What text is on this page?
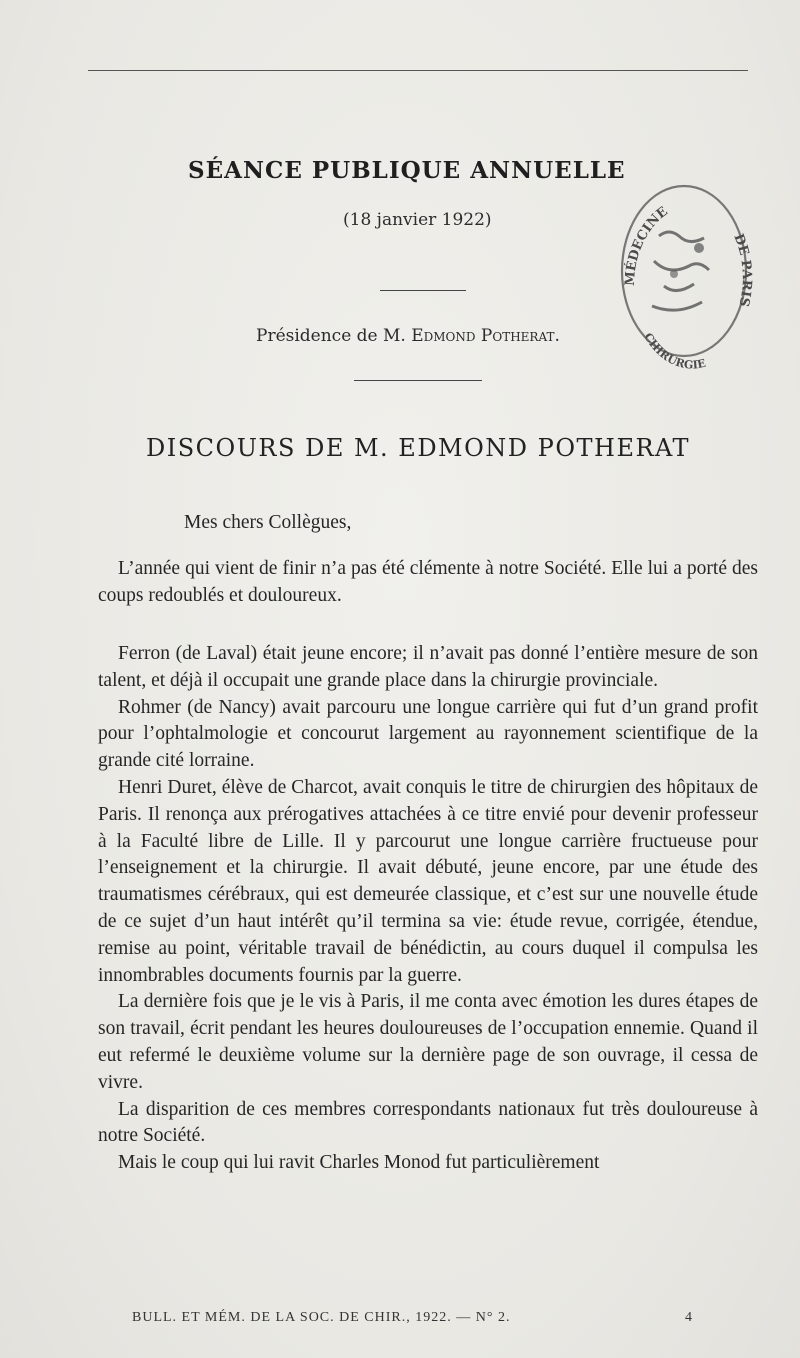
SÉANCE PUBLIQUE ANNUELLE
(18 janvier 1922)
Présidence de M. Edmond Potherat.
MÉDECINE
DE PARIS
CHIRURGIE
DISCOURS DE M. EDMOND POTHERAT
Mes chers Collègues,

L’année qui vient de finir n’a pas été clémente à notre Société. Elle lui a porté des coups redoublés et douloureux.

Ferron (de Laval) était jeune encore; il n’avait pas donné l’entière mesure de son talent, et déjà il occupait une grande place dans la chirurgie provinciale.

Rohmer (de Nancy) avait parcouru une longue carrière qui fut d’un grand profit pour l’ophtalmologie et concourut largement au rayonnement scientifique de la grande cité lorraine.

Henri Duret, élève de Charcot, avait conquis le titre de chirurgien des hôpitaux de Paris. Il renonça aux prérogatives attachées à ce titre envié pour devenir professeur à la Faculté libre de Lille. Il y parcourut une longue carrière fructueuse pour l’enseignement et la chirurgie. Il avait débuté, jeune encore, par une étude des traumatismes cérébraux, qui est demeurée classique, et c’est sur une nouvelle étude de ce sujet d’un haut intérêt qu’il termina sa vie: étude revue, corrigée, étendue, remise au point, véritable travail de bénédictin, au cours duquel il compulsa les innombrables documents fournis par la guerre.

La dernière fois que je le vis à Paris, il me conta avec émotion les dures étapes de son travail, écrit pendant les heures douloureuses de l’occupation ennemie. Quand il eut refermé le deuxième volume sur la dernière page de son ouvrage, il cessa de vivre.

La disparition de ces membres correspondants nationaux fut très douloureuse à notre Société.

Mais le coup qui lui ravit Charles Monod fut particulièrement

BULL. ET MÉM. DE LA SOC. DE CHIR., 1922. — N° 2.	4
